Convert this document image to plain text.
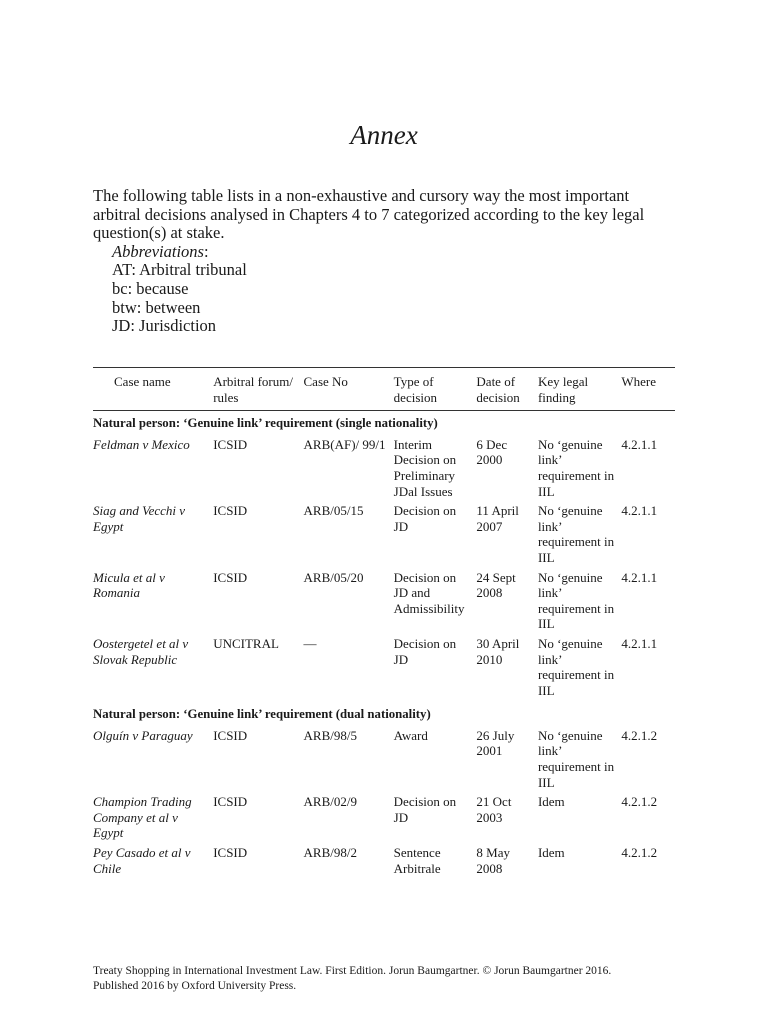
Annex

The following table lists in a non-exhaustive and cursory way the most important arbitral decisions analysed in Chapters 4 to 7 categorized according to the key legal question(s) at stake.

Abbreviations:
AT: Arbitral tribunal
bc: because
btw: between
JD: Jurisdiction
Case name	Arbitral forum/ rules	Case No	Type of decision	Date of decision	Key legal finding	Where
Natural person: ‘Genuine link’ requirement (single nationality)						
Feldman v Mexico	ICSID	ARB(AF)/ 99/1	Interim Decision on Preliminary JDal Issues	6 Dec 2000	No ‘genuine link’ requirement in IIL	4.2.1.1
Siag and Vecchi v Egypt	ICSID	ARB/05/15	Decision on JD	11 April 2007	No ‘genuine link’ requirement in IIL	4.2.1.1
Micula et al v Romania	ICSID	ARB/05/20	Decision on JD and Admissibility	24 Sept 2008	No ‘genuine link’ requirement in IIL	4.2.1.1
Oostergetel et al v Slovak Republic	UNCITRAL	—	Decision on JD	30 April 2010	No ‘genuine link’ requirement in IIL	4.2.1.1
Natural person: ‘Genuine link’ requirement (dual nationality)						
Olguín v Paraguay	ICSID	ARB/98/5	Award	26 July 2001	No ‘genuine link’ requirement in IIL	4.2.1.2
Champion Trading Company et al v Egypt	ICSID	ARB/02/9	Decision on JD	21 Oct 2003	Idem	4.2.1.2
Pey Casado et al v Chile	ICSID	ARB/98/2	Sentence Arbitrale	8 May 2008	Idem	4.2.1.2
Treaty Shopping in International Investment Law. First Edition. Jorun Baumgartner. © Jorun Baumgartner 2016. Published 2016 by Oxford University Press.
